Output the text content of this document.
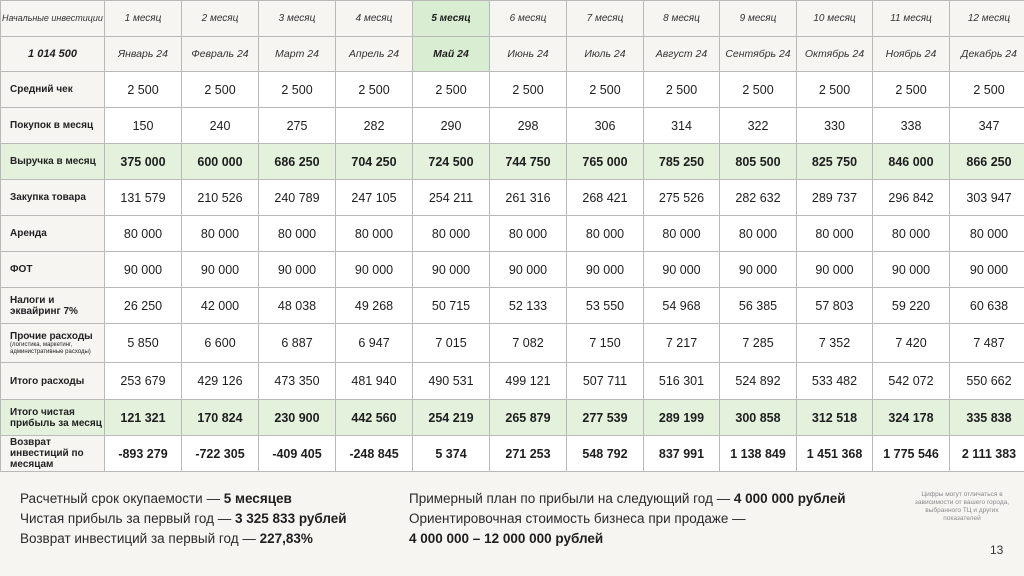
Начальные инвестиции	1 месяц	2 месяц	3 месяц	4 месяц	5 месяц	6 месяц	7 месяц	8 месяц	9 месяц	10 месяц	11 месяц	12 месяц
1 014 500	Январь 24	Февраль 24	Март 24	Апрель 24	Май 24	Июнь 24	Июль 24	Август 24	Сентябрь 24	Октябрь 24	Ноябрь 24	Декабрь 24
Средний чек	2 500	2 500	2 500	2 500	2 500	2 500	2 500	2 500	2 500	2 500	2 500	2 500
Покупок в месяц	150	240	275	282	290	298	306	314	322	330	338	347
Выручка в месяц	375 000	600 000	686 250	704 250	724 500	744 750	765 000	785 250	805 500	825 750	846 000	866 250
Закупка товара	131 579	210 526	240 789	247 105	254 211	261 316	268 421	275 526	282 632	289 737	296 842	303 947
Аренда	80 000	80 000	80 000	80 000	80 000	80 000	80 000	80 000	80 000	80 000	80 000	80 000
ФОТ	90 000	90 000	90 000	90 000	90 000	90 000	90 000	90 000	90 000	90 000	90 000	90 000
Налоги и эквайринг 7%	26 250	42 000	48 038	49 268	50 715	52 133	53 550	54 968	56 385	57 803	59 220	60 638
Прочие расходы
(логистика, маркетинг, административные расходы)	5 850	6 600	6 887	6 947	7 015	7 082	7 150	7 217	7 285	7 352	7 420	7 487
Итого расходы	253 679	429 126	473 350	481 940	490 531	499 121	507 711	516 301	524 892	533 482	542 072	550 662
Итого чистая прибыль за месяц	121 321	170 824	230 900	442 560	254 219	265 879	277 539	289 199	300 858	312 518	324 178	335 838
Возврат инвестиций по месяцам	-893 279	-722 305	-409 405	-248 845	5 374	271 253	548 792	837 991	1 138 849	1 451 368	1 775 546	2 111 383
Расчетный срок окупаемости — 5 месяцев
Чистая прибыль за первый год — 3 325 833 рублей
Возврат инвестиций за первый год — 227,83%
Примерный план по прибыли на следующий год — 4 000 000 рублей
Ориентировочная стоимость бизнеса при продаже —
4 000 000 – 12 000 000 рублей
Цифры могут отличаться в зависимости от вашего города, выбранного ТЦ и других показателей
13
